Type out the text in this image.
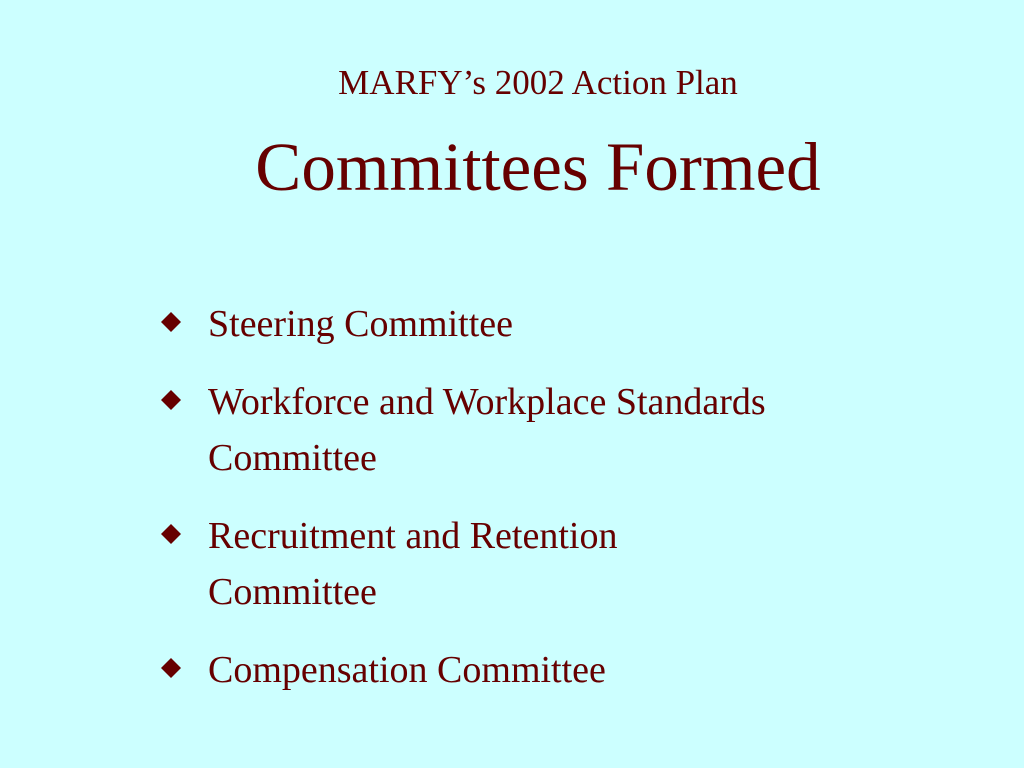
MARFY’s 2002 Action Plan
Committees Formed
Steering Committee
Workforce and Workplace Standards Committee
Recruitment and Retention Committee
Compensation Committee
